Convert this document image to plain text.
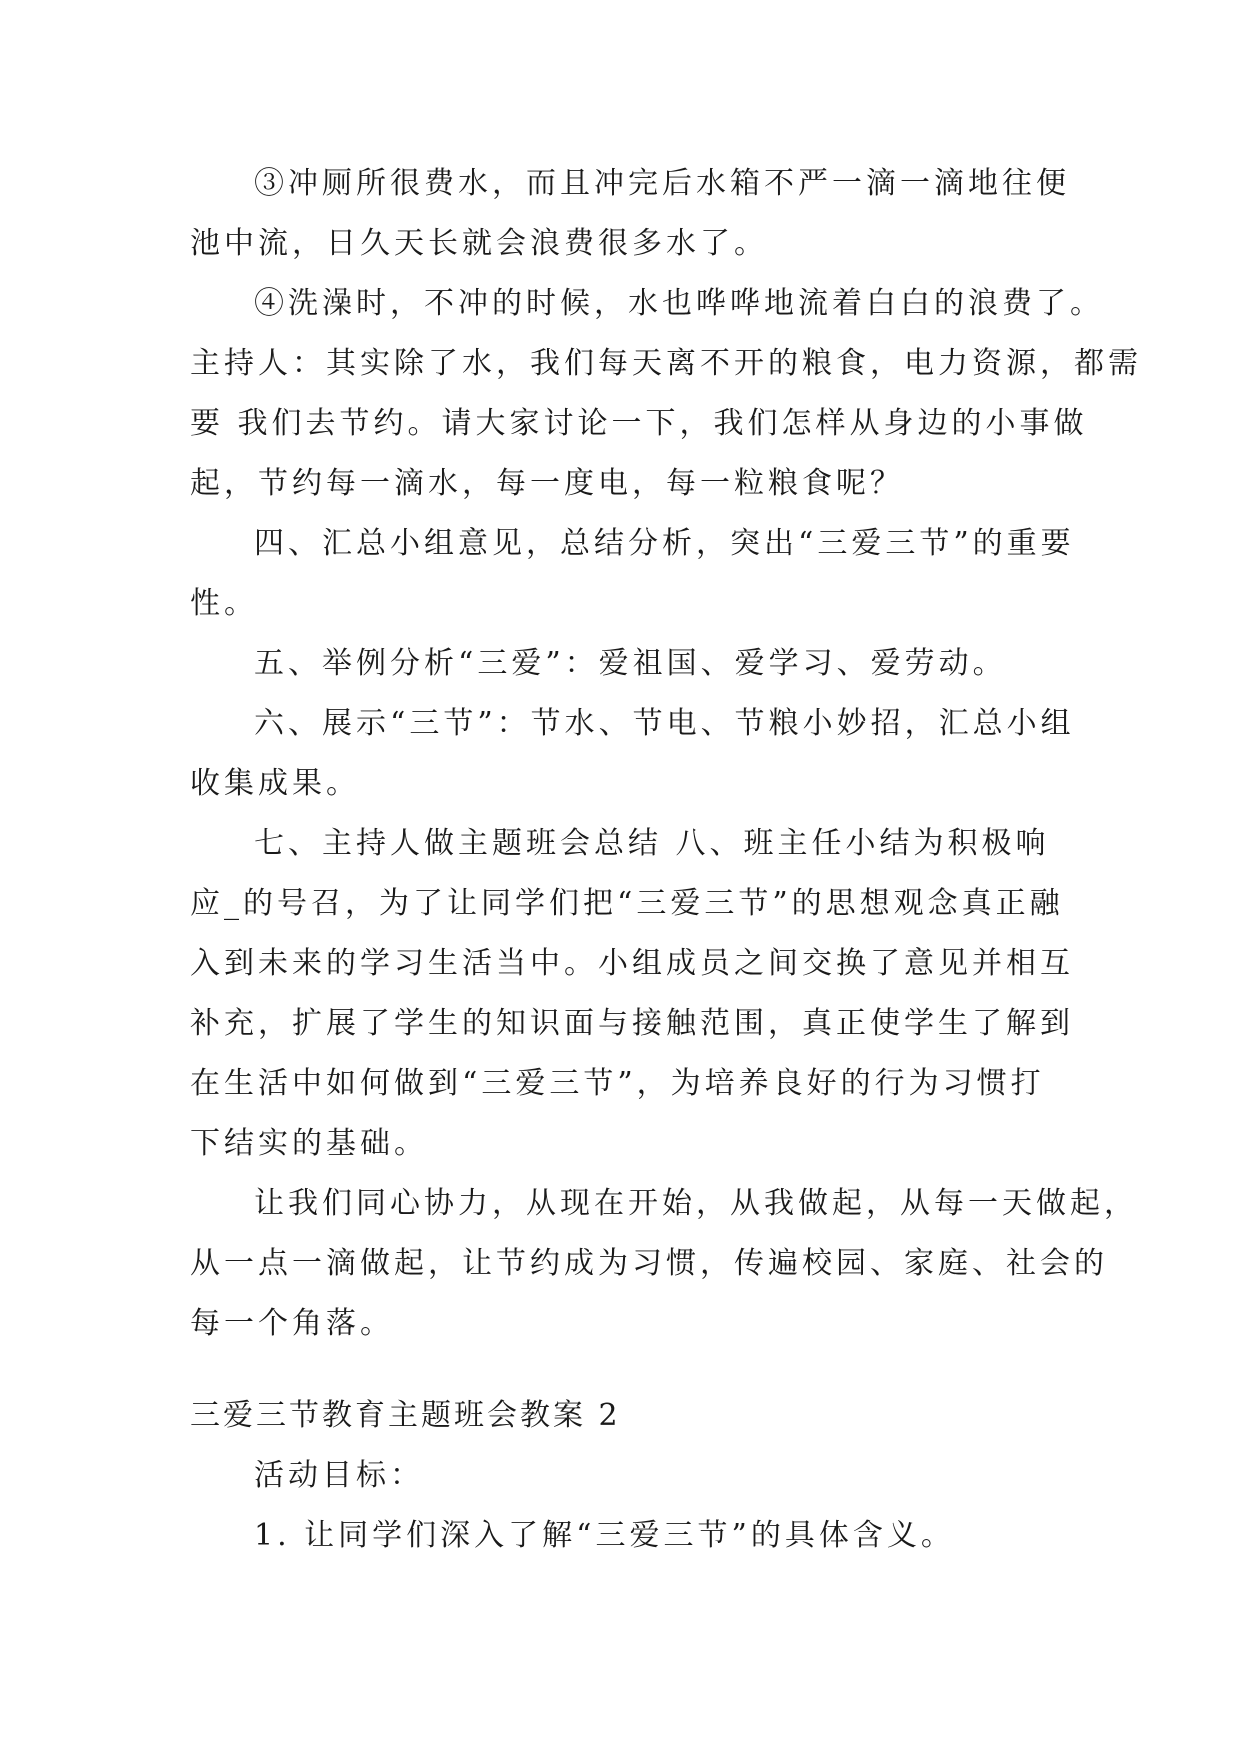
③冲厕所很费水，而且冲完后水箱不严一滴一滴地往便
池中流，日久天长就会浪费很多水了。
④洗澡时，不冲的时候，水也哗哗地流着白白的浪费了。
主持人：其实除了水，我们每天离不开的粮食，电力资源，都需
要 我们去节约。请大家讨论一下，我们怎样从身边的小事做
起，节约每一滴水，每一度电，每一粒粮食呢？
四、汇总小组意见，总结分析，突出“三爱三节”的重要
性。
五、举例分析“三爱”：爱祖国、爱学习、爱劳动。
六、展示“三节”：节水、节电、节粮小妙招，汇总小组
收集成果。
七、主持人做主题班会总结 八、班主任小结为积极响
应_的号召，为了让同学们把“三爱三节”的思想观念真正融
入到未来的学习生活当中。小组成员之间交换了意见并相互
补充，扩展了学生的知识面与接触范围，真正使学生了解到
在生活中如何做到“三爱三节”，为培养良好的行为习惯打
下结实的基础。
让我们同心协力，从现在开始，从我做起，从每一天做起，
从一点一滴做起，让节约成为习惯，传遍校园、家庭、社会的
每一个角落。
三爱三节教育主题班会教案 2
活动目标：
1. 让同学们深入了解“三爱三节”的具体含义。
